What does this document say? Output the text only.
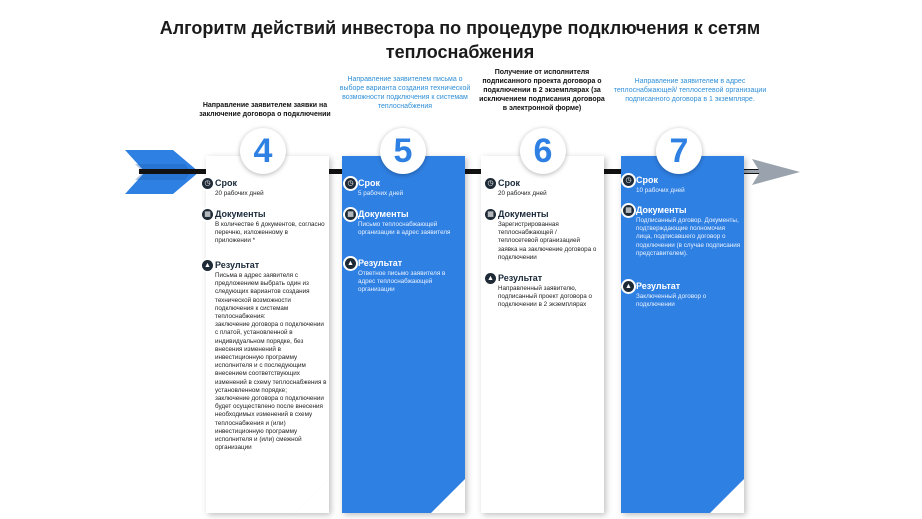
Алгоритм действий инвестора по процедуре подключения к сетям теплоснабжения
Направление заявителем заявки на заключение договора о подключении
Направление заявителем письма о выборе варианта создания технической возможности подключения к системам теплоснабжения
Получение от исполнителя подписанного проекта договора о подключении в 2 экземплярах (за исключением подписания договора в электронной форме)
Направление заявителем в адрес теплоснабжающей/ теплосетевой организации подписанного договора в 1 экземпляре.
4
◷ Срок

20 рабочих дней

▦ Документы

В количестве 6 документов, согласно перечню, изложенному в приложении *

▲ Результат

Письма в адрес заявителя с предложением выбрать один из следующих вариантов создания технической возможности подключения к системам теплоснабжения:
заключение договора о подключении с платой, установленной в индивидуальном порядке, без внесения изменений в инвестиционную программу исполнителя и с последующим внесением соответствующих изменений в схему теплоснабжения в установленном порядке;
заключение договора о подключении будет осуществлено после внесения необходимых изменений в схему теплоснабжения и (или) инвестиционную программу исполнителя и (или) смежной организации

5
◷ Срок

5 рабочих дней

▦ Документы

Письмо теплоснабжающей организации в адрес заявителя

▲ Результат

Ответное письмо заявителя в адрес теплоснабжающей организации

6
◷ Срок

20 рабочих дней

▦ Документы

Зарегистрированная теплоснабжающей / теплосетевой организацией заявка на заключение договора о подключении

▲ Результат

Направленный заявителю, подписанный проект договора о подключении в 2 экземплярах

7
◷ Срок

10 рабочих дней

▦ Документы

Подписанный договор. Документы, подтверждающие полномочия лица, подписавшего договор о подключении (в случае подписания представителем).

▲ Результат

Заключенный договор о подключении
